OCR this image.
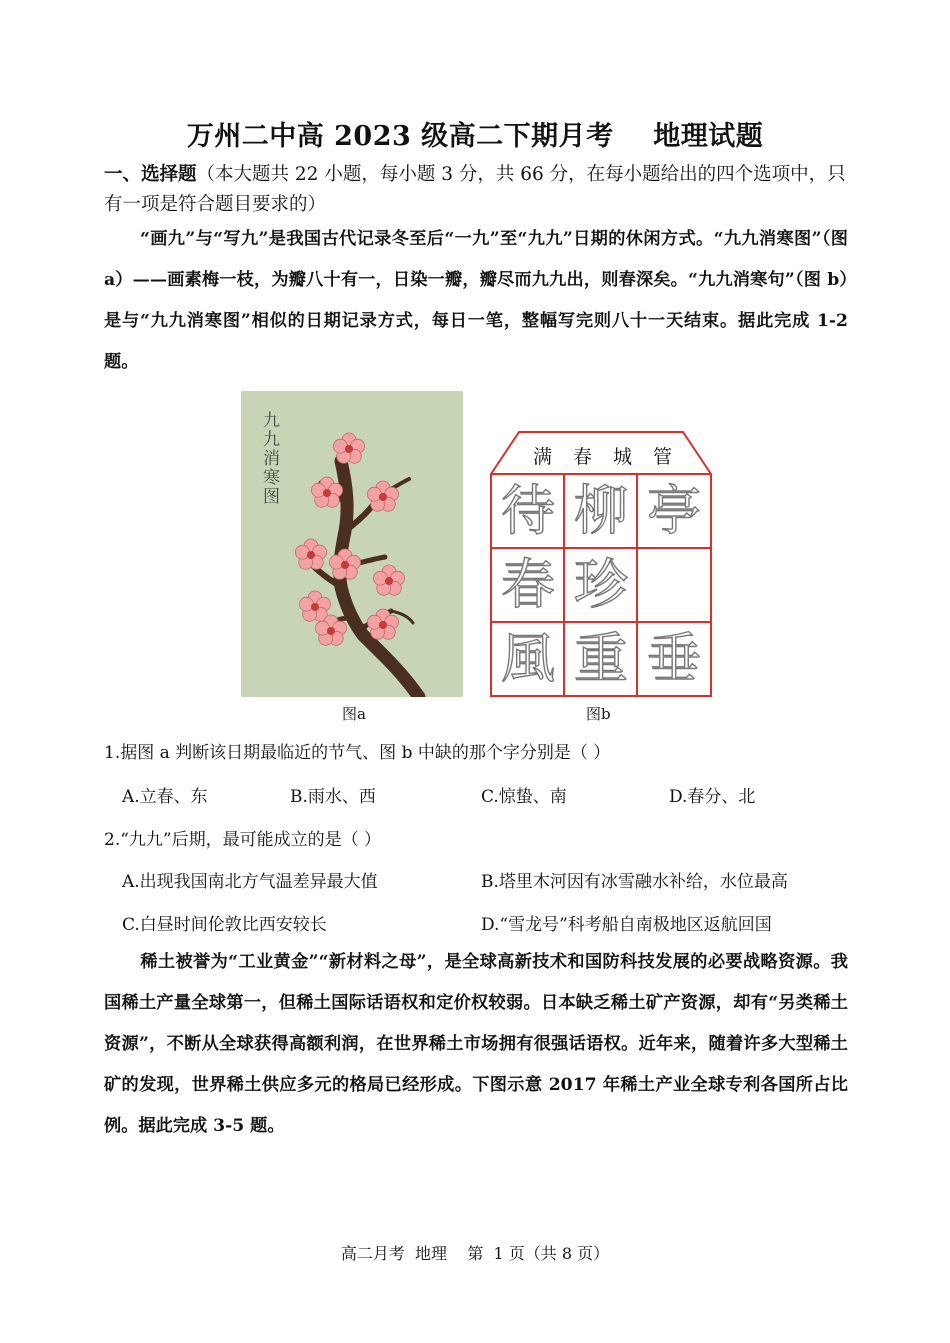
万州二中高 2023 级高二下期月考    地理试题
一、选择题（本大题共 22 小题，每小题 3 分，共 66 分，在每小题给出的四个选项中，只有一项是符合题目要求的）
“画九”与“写九”是我国古代记录冬至后“一九”至“九九”日期的休闲方式。“九九消寒图”（图 a）——画素梅一枝，为瓣八十有一，日染一瓣，瓣尽而九九出，则春深矣。“九九消寒句”（图 b）是与“九九消寒图”相似的日期记录方式，每日一笔，整幅写完则八十一天结束。据此完成 1-2 题。
九九消寒图
满 春 城 管
待 柳 亭
春 珍
風 重 垂
图a	图b
1.据图 a 判断该日期最临近的节气、图 b 中缺的那个字分别是（ ）
A.立春、东	B.雨水、西	C.惊蛰、南	D.春分、北
2.“九九”后期，最可能成立的是（ ）
A.出现我国南北方气温差异最大值	B.塔里木河因有冰雪融水补给，水位最高
C.白昼时间伦敦比西安较长	D.“雪龙号”科考船自南极地区返航回国
稀土被誉为“工业黄金”“新材料之母”，是全球高新技术和国防科技发展的必要战略资源。我国稀土产量全球第一，但稀土国际话语权和定价权较弱。日本缺乏稀土矿产资源，却有“另类稀土资源”，不断从全球获得高额利润，在世界稀土市场拥有很强话语权。近年来，随着许多大型稀土矿的发现，世界稀土供应多元的格局已经形成。下图示意 2017 年稀土产业全球专利各国所占比例。据此完成 3-5 题。
高二月考  地理    第  1 页（共 8 页）
